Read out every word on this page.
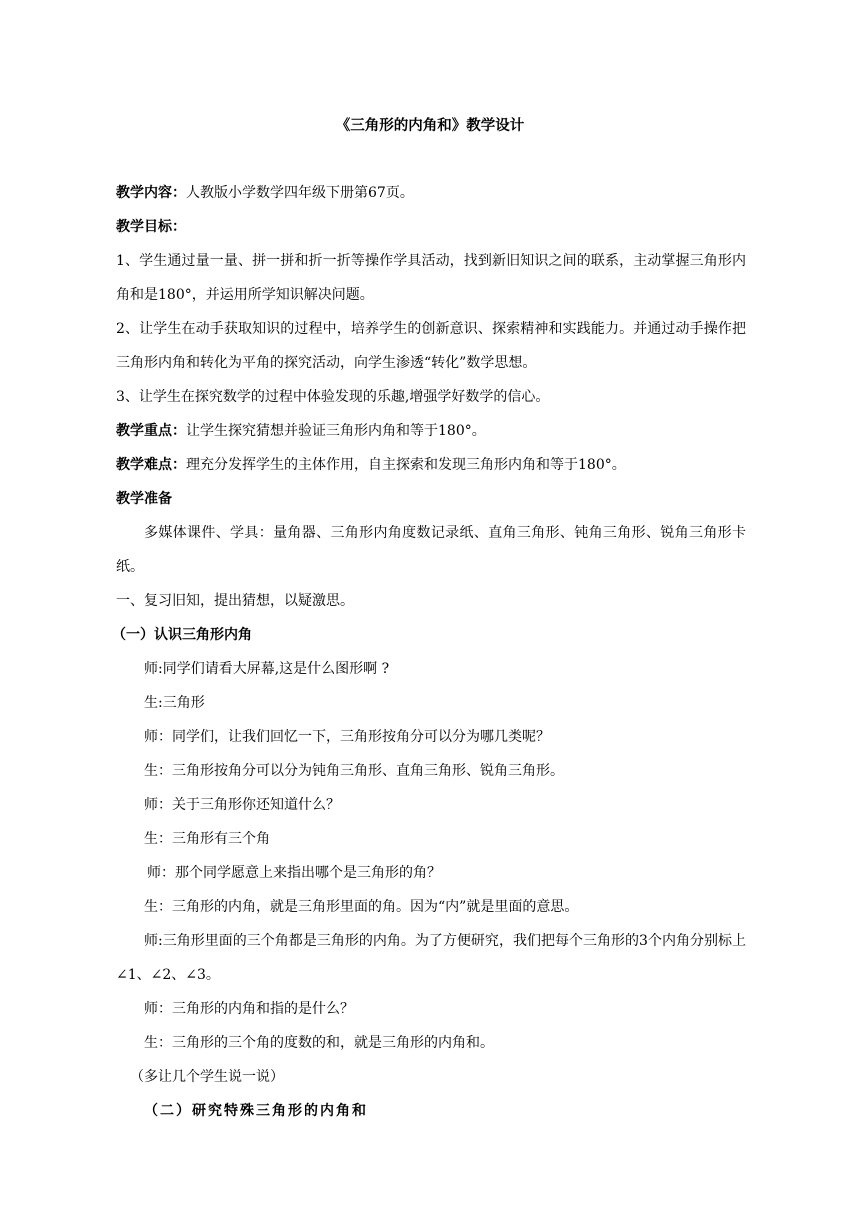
《三角形的内角和》教学设计

教学内容：人教版小学数学四年级下册第67页。

教学目标：

1、学生通过量一量、拼一拼和折一折等操作学具活动，找到新旧知识之间的联系，主动掌握三角形内角和是180°，并运用所学知识解决问题。

2、让学生在动手获取知识的过程中，培养学生的创新意识、探索精神和实践能力。并通过动手操作把三角形内角和转化为平角的探究活动，向学生渗透“转化”数学思想。

3、让学生在探究数学的过程中体验发现的乐趣,增强学好数学的信心。

教学重点：让学生探究猜想并验证三角形内角和等于180°。

教学难点：理充分发挥学生的主体作用，自主探索和发现三角形内角和等于180°。

教学准备

多媒体课件、学具：量角器、三角形内角度数记录纸、直角三角形、钝角三角形、锐角三角形卡纸。

一、复习旧知，提出猜想，以疑激思。

（一）认识三角形内角

师:同学们请看大屏幕,这是什么图形啊 ?

生:三角形

师：同学们，让我们回忆一下，三角形按角分可以分为哪几类呢？

生：三角形按角分可以分为钝角三角形、直角三角形、锐角三角形。

师：关于三角形你还知道什么？

生：三角形有三个角

师：那个同学愿意上来指出哪个是三角形的角？

生：三角形的内角，就是三角形里面的角。因为“内”就是里面的意思。

师:三角形里面的三个角都是三角形的内角。为了方便研究，我们把每个三角形的3个内角分别标上∠1、∠2、∠3。

师：三角形的内角和指的是什么？

生：三角形的三个角的度数的和，就是三角形的内角和。

（多让几个学生说一说）

（二）研究特殊三角形的内角和
